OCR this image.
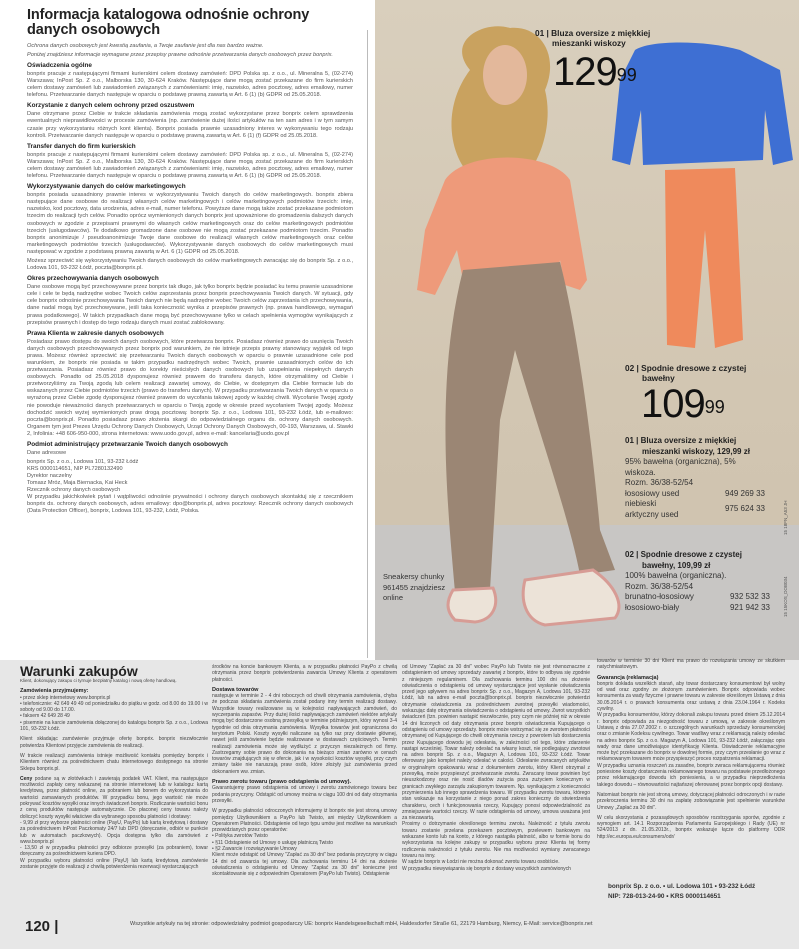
Informacja katalogowa odnośnie ochrony danych osobowych
Ochrona danych osobowych jest kwestią zaufania, a Twoje zaufanie jest dla nas bardzo ważne.
Poniżej znajdziesz informacje wymagane przez przepisy prawne odnośnie przetwarzania danych osobowych przez bonprix.
Oświadczenia ogólne

bonprix pracuje z następującymi firmami kurierskimi celem dostawy zamówień: DPD Polska sp. z o.o., ul. Mineralna 5, (02-274) Warszawa; InPost Sp. Z o.o., Malborska 130, 30-624 Kraków. Następujące dane mogą zostać przekazane do firm kurierskich celem dostawy zamówień lub zawiadomień związanych z zamówieniami: imię, nazwisko, adres pocztowy, adres emailowy, numer telefonu. Przetwarzanie danych następuje w oparciu o podstawę prawną zawartą w Art. 6 (1) (b) GDPR od 25.05.2018.

Korzystanie z danych celem ochrony przed oszustwem

Dane otrzymane przez Ciebie w trakcie składania zamówienia mogą zostać wykorzystane przez bonprix celem sprawdzenia ewentualnych nieprawidłowości w procesie zamówienia (np. zamówienie dużej ilości artykułów na ten sam adres i w tym samym czasie przy wykorzystaniu różnych kont klienta). Bonprix posiada prawnie uzasadniony interes w wykonywaniu tego rodzaju kontroli. Przetwarzanie danych następuje w oparciu o podstawę prawną zawartą w Art. 6 (1) (f) GDPR od 25.05.2018.

Transfer danych do firm kurierskich

bonprix pracuje z następującymi firmami kurierskimi celem dostawy zamówień: DPD Polska sp. z o.o., ul. Mineralna 5, (02-274) Warszawa; InPost Sp. Z o.o., Malborska 130, 30-624 Kraków. Następujące dane mogą zostać przekazane do firm kurierskich celem dostawy zamówień lub zawiadomień związanych z zamówieniami: imię, nazwisko, adres pocztowy, adres emailowy, numer telefonu. Przetwarzanie danych następuje w oparciu o podstawę prawną zawartą w Art. 6 (1) (b) GDPR od 25.05.2018.

Wykorzystywanie danych do celów marketingowych

bonprix posiada uzasadniony prawnie interes w wykorzystywaniu Twoich danych do celów marketingowych. bonprix zbiera następujące dane osobowe do realizacji własnych celów marketingowych i celów marketingowych podmiotów trzecich: imię, nazwisko, kod pocztowy, data urodzenia, adres e-mail, numer telefonu. Powyższe dane mogą także zostać przekazane podmiotom trzecim do realizacji tych celów. Ponadto oprócz wymienionych danych bonprix jest upoważnione do gromadzenia dalszych danych osobowych w zgodzie z przepisami prawnymi do własnych celów marketingowych oraz do celów marketingowych podmiotów trzecich (usługodawców). Te dodatkowo gromadzone dane osobowe nie mogą zostać przekazane podmiotom trzecim. Ponadto bonprix anonimizuje / pseudoanonimizuje Twoje dane osobowe do realizacji własnych celów marketingowych oraz celów marketingowych podmiotów trzecich (usługodawców). Wykorzystywanie danych osobowych do celów marketingowych musi następować w zgodzie z podstawą prawną zawartą w Art. 6 (1) GDPR od 25.05.2018.

Możesz sprzeciwić się wykorzystywaniu Twoich danych osobowych do celów marketingowych zwracając się do bonprix Sp. z o.o., Lodowa 101, 93-232 Łódź, poczta@bonprix.pl.

Okres przechowywania danych osobowych

Dane osobowe mogą być przechowywane przez bonprix tak długo, jak tylko bonprix będzie posiadać ku temu prawnie uzasadnione cele i cele te będą nadrzędne wobec Twoich celów zaprzestania przez bonprix przechowywania Twoich danych. W sytuacji, gdy cele bonprix odnośnie przechowywania Twoich danych nie będą nadrzędne wobec Twoich celów zaprzestania ich przechowywania, dane nadal mogą być przechowywane, jeśli taka konieczność wynika z przepisów prawnych (np. prawa handlowego, wymagań prawa podatkowego). W takich przypadkach dane mogą być przechowywane tylko w celach spełnienia wymogów wynikających z przepisów prawnych i dostęp do tego rodzaju danych musi zostać zablokowany.

Prawa Klienta w zakresie danych osobowych

Posiadasz prawo dostępu do swoich danych osobowych, które przetwarza bonprix. Posiadasz również prawo do usunięcia Twoich danych osobowych przechowywanych przez bonprix pod warunkiem, że nie istnieje przepis prawny stanowiący wyjątek od tego prawa. Możesz również sprzeciwić się przetwarzaniu Twoich danych osobowych w oparciu o prawnie uzasadnione cele pod warunkiem, że bonprix nie posiada w takim przypadku nadrzędnych wobec Twoich, prawnie uzasadnionych celów do ich przetwarzania. Posiadasz również prawo do korekty nieścisłych danych osobowych lub uzupełniania niepełnych danych osobowych. Ponadto od 25.05.2018 dysponujesz również prawem do transferu danych, które otrzymaliśmy od Ciebie i przetworzyliśmy za Twoją zgodą lub celem realizacji zawartej umowy, do Ciebie, w dostępnym dla Ciebie formacie lub do wskazanych przez Ciebie podmiotów trzecich (prawo do transferu danych). W przypadku przetwarzania Twoich danych w oparciu o wyrażoną przez Ciebie zgodę dysponujesz również prawem do wycofania takowej zgody w każdej chwili. Wycofanie Twojej zgody nie powoduje nieważności danych przetwarzanych w oparciu o Twoją zgodę w okresie przed wycofaniem Twojej zgody. Możesz dochodzić swoich wyżej wymienionych praw drogą pocztową: bonprix Sp. z o.o., Lodowa 101, 93-232 Łódź, lub e-mailowo: poczta@bonprix.pl. Ponadto posiadasz prawo złożenia skargi do odpowiedzialnego organu ds. ochrony danych osobowych. Organem tym jest Prezes Urzędu Ochrony Danych Osobowych, Urząd Ochrony Danych Osobowych, 00-193, Warszawa, ul. Stawki 2, Infolinia: +48 606-950-000, strona internetowa: www.uodo.gov.pl, adres e-mail: kancelaria@uodo.gov.pl

Podmiot administrujący przetwarzanie Twoich danych osobowych

Dane adresowe

bonprix Sp. z o.o., Lodowa 101, 93-232 Łódź
KRS 0000114651, NIP PL7280132490
Dyrektor naczelny
Tomasz Mróz, Maja Biernacka, Kai Heck
Rzecznik ochrony danych osobowych

W przypadku jakichkolwiek pytań i wątpliwości odnośnie prywatności i ochrony danych osobowych skontaktuj się z rzecznikiem bonprix ds. ochrony danych osobowych, adres emailowy: dpo@bonprix.pl, adres pocztowy: Rzecznik ochrony danych osobowych (Data Protection Officer), bonprix, Lodowa 101, 93-232, Łódź, Polska.

01 | Bluza oversize z miękkiej
mieszanki wiskozy
$129^{99}$
02 | Spodnie dresowe z czystej
bawełny
$109^{99}$
01 | Bluza oversize z miękkiej
mieszanki wiskozy, 129,99 zł
95% bawełna (organiczna), 5% wiskoza.
Rozm. 36/38-52/54
łososiowy used	949 269 33
niebieski arktyczny used
975 624 33
02 | Spodnie dresowe z czystej
bawełny, 109,99 zł
100% bawełna (organiczna).
Rozm. 36/38-52/54
brunatno-łososiowy	932 532 33
łososiowo-biały	921 942 33
Sneakersy chunky 961455 znajdziesz online	15 15KOS_DOB034
15 18FN_A53 JH
Warunki zakupów
Klient, dokonujący zakupu ci tyrnuje bezpłatny katalog i nową ofertę handlową.

Zamówienia przyjmujemy:
• przez sklep internetowy www.bonprix.pl
• telefonicznie: 42 649 49 49 od poniedziałku do piątku w godz. od 8.00 do 19.00 i w soboty od 9.00 do 17.00.
• faksem 42 649 28 49
• pisemnie na karcie zamówienia dołączonej do katalogu bonprix Sp. z o.o., Lodowa 101, 93-232 Łódź.

Klient składając zamówienie przyjmuje ofertę bonprix. bonprix niezwłocznie potwierdza Klientowi przyjęcie zamówienia do realizacji.

W trakcie realizacji zamówienia istnieje możliwość kontaktu pomiędzy bonprix i Klientem również za pośrednictwem chatu internetowego dostępnego na stronie Sklepu bonprix.pl.

Ceny podane są w złotówkach i zawierają podatek VAT. Klient, ma następujące możliwości zapłaty ceny wskazanej na stronie internetowej lub w katalogu: kartą kredytową, przez płatność online, za pobraniem lub bonem do wykorzystania do wartości zamawianych produktów. W przypadku bonu, jego wartość nie może pokrywać kosztów wysyłki oraz innych świadczeń bonprix. Rozliczanie wartości bonu z ceną produktów następuje automatycznie. Do płaconej ceny towaru należy doliczyć koszty wysyłki właściwe dla wybranego sposobu płatności i dostawy:
- 9,99 zł przy wyborze płatności online (PayU, PayPo) lub kartą kredytową i dostawy za pośrednictwem InPost Paczkomaty 24/7 lub DPD (doręczanie, odbiór w punkcie lub w automatach paczkowych). Opcja dostępna tylko dla zamówień z www.bonprix.pl
- 13,50 zł w przypadku płatności przy odbiorze przesyłki (za pobraniem), towar doręczamy za pośrednictwem kuriera DPD.
W przypadku wyboru płatności online (PayU) lub kartą kredytową zamówienie zostanie przyjęte do realizacji z chwilą potwierdzenia rezerwacji wystarczających

środków na koncie bankowym Klienta, a w przypadku płatności PayPo z chwilą otrzymania przez bonprix potwierdzenia zawarcia Umowy Klienta z operatorem płatności.

Dostawa towarów
następuje w terminie 2 - 4 dni roboczych od chwili otrzymania zamówienia, chyba że podczas składania zamówienia został podany inny termin realizacji dostawy. Wszystkie towary realizowane są w kolejności napływających zamówień, do wyczerpania zapasów. Przy dużej ilości napływających zamówień niektóre artykuły mogą być dostarczone osobną przesyłką w terminie późniejszym, który wynosi 3-4 tygodnie od dnia otrzymania zamówienia. Wysyłka towarów jest ograniczona do terytorium Polski. Koszty wysyłki naliczane są tylko raz przy dostawie głównej, nawet jeśli zamówienie będzie realizowane w dostawach częściowych. Termin realizacji zamówienia może się wydłużyć z przyczyn niezależnych od firmy. Zastrzegamy sobie prawo do dokonania na bieżąco zmian zarówno w cenach towarów znajdujących się w ofercie, jak i w wysokości kosztów wysyłki, przy czym zmiany takie nie naruszają praw osób, które złożyły już zamówienia przed dokonaniem ww. zmian.

Prawo zwrotu towaru (prawo odstąpienia od umowy).
Gwarantujemy prawo odstąpienia od umowy i zwrotu zamówionego towaru bez podania przyczyny. Odstąpić od umowy można w ciągu 100 dni od daty otrzymania przesyłki.

W przypadku płatności odroczonych informujemy iż bonprix nie jest stroną umowy pomiędzy Użytkownikiem a PayPo lub Twisto, ani między Użytkownikiem a Operatorem Płatności. Odstąpienie od tego typu umów jest możliwe na warunkach przewidzianych przez operatorów:
• Polityka zwrotów Twisto
• §11 Odstąpienie od Umowy o usługę płatniczą Twisto
• §2 Zawarcie i rozwiązywanie Umowy
Klient może odstąpić od Umowy "Zapłać za 30 dni" bez podania przyczyny w ciągu 14 dni od zawarcia tej umowy. Dla zachowania terminu 14 dni na złożenie oświadczenia o odstąpieniu od Umowy "Zapłać za 30 dni" konieczne jest skontaktowanie się z odpowiednim Operatorem (PayPo lub Twisto). Odstąpienie

od Umowy "Zapłać za 30 dni" wobec PayPo lub Twisto nie jest równoznaczne z odstąpieniem od umowy sprzedaży zawartej z bonprix, które to odbywa się zgodnie z niniejszym regulaminem. Dla zachowania terminu 100 dni na złożenie oświadczenia o odstąpieniu od umowy wystarczające jest wysłanie oświadczenia przed jego upływem na adres bonprix Sp. z o.o., Magazyn A, Lodowa 101, 93-232 Łódź, lub na adres e-mail poczta@bonprix.pl. bonprix niezwłocznie potwierdzi otrzymanie oświadczenia za pośrednictwem zwrotnej przesyłki wiadomości, wskazując datę otrzymania oświadczenia o odstąpieniu od umowy. Zwrot wszystkich świadczeń (tzn. powinien nastąpić niezwłocznie, przy czym nie później niż w okresie 14 dni liczonych od daty otrzymania przez bonprix oświadczenia Kupującego o odstąpieniu od umowy sprzedaży. bonprix może wstrzymać się ze zwrotem płatności otrzymanej od Kupującego do chwili otrzymania rzeczy z powrotem lub dostarczenia przez Kupującego dowodu jej odesłania, w zależności od tego, które zdarzenie nastąpi wcześniej. Towar należy odesłać na własny koszt, nie podlegający zwrotowi na adres bonprix Sp. z o.o., Magazyn A, Lodowa 101, 93-232 Łódź. Towar oferowany jako komplet należy odesłać w całości. Odesłanie zwracanych artykułów w oryginalnym opakowaniu wraz z dokumentem zwrotu, który Klient otrzymał z przesyłką, może przyspieszyć przetwarzanie zwrotu. Zwracany towar powinien być nieuszkodzony oraz nie nosić śladów zużycia poza zużyciem koniecznym w granicach zwykłego zarządu zakupionym towarem. Np. wynikającym z konieczności przymierzenia lub innego sprawdzenia towaru. W przypadku zwrotu towaru, którego stan wskazuje na korzystanie z niego ponad zakres konieczny do stwierdzenia charakteru, cech i funkcjonowania rzeczy, Kupujący ponosi odpowiedzialność za zmniejszenie wartości rzeczy. W razie odstąpienia od umowy, umowa uważana jest za niezawartą.
Prosimy o dotrzymanie określonego terminu zwrotu. Należność z tytułu zwrotu towaru zostanie przelana przekazem pocztowym, przelewem bankowym na wskazane konto lub na konto, z którego nastąpiła płatność, albo w formie bonu do wykorzystania na kolejne zakupy w przypadku wyboru przez Klienta tej formy rozliczenia należności z tytułu zwrotu. Nie ma możliwości wymiany zwracanego towaru na inny.
W sądzie bonprix w Łodzi nie można dokonać zwrotu towaru osobiście.
W przypadku niewywiązania się bonprix z dostawy wszystkich zamówionych

towarów w terminie 30 dni Klient ma prawo do rozwiązania umowy ze skutkiem natychmiastowym.

Gwarancja (reklamacja)
bonprix dokłada wszelkich starań, aby towar dostarczany konsumentowi był wolny od wad oraz zgodny ze złożonym zamówieniem. Bonprix odpowiada wobec konsumenta za wady fizyczne i prawne towaru w zakresie określonym Ustawą z dnia 30.05.2014 r. o prawach konsumenta oraz ustawą z dnia 23.04.1964 r. Kodeks cywilny.
W przypadku konsumentów, którzy dokonali zakupu towaru przed dniem 25.12.2014 r. bonprix odpowiada za niezgodność towaru z umową, w zakresie określonym Ustawą z dnia 27.07.2002 r. o szczególnych warunkach sprzedaży konsumenckiej oraz o zmianie Kodeksu cywilnego. Towar wadliwy wraz z reklamacją należy odesłać na adres bonprix Sp. z o.o. Magazyn A, Lodowa 101, 93-232 Łódź, załączając opis wady oraz dane umożliwiające identyfikację Klienta. Oświadczenie reklamacyjne może być przekazane do bonprix w dowolnej formie, przy czym przesłanie go wraz z reklamowanym towarem może przyspieszyć proces rozpatrzenia reklamacji.
W przypadku uznania roszczeń za zasadne, bonprix zwraca reklamującemu również poniesione koszty dostarczenia reklamowanego towaru na podstawie przedłożonego przez reklamującego dowodu ich poniesienia, a w przypadku nieprzedłożenia takiego dowodu – równowartości najtańszej oferowanej przez bonprix opcji dostawy.

Natomiast bonprix nie jest stroną umowy, dotyczącej płatności odroczonych i w razie przekroczenia terminu 30 dni na zapłatę zobowiązanie jest spełnienie warunków Umowy „Zapłać za 30 dni".

W celu skorzystania z pozasądowych sposobów rozstrzygania sporów, zgodnie z wymogiem art. 14.1 Rozporządzenia Parlamentu Europejskiego i Rady (UE) nr 524/2013 z dn. 21.05.2013r., bonprix wskazuje łącze do platformy ODR http://ec.europa.eu/consumers/odr/

bonprix Sp. z o.o. • ul. Lodowa 101 • 93-232 Łódź
NIP: 728-013-24-90 • KRS 0000114651
120 |	Wszystkie artykuły na tej stronie: odpowiedzialny podmiot gospodarczy UE: bonprix Handelsgesellschaft mbH, Haldesdorfer Straße 61, 22179 Hamburg, Niemcy, E-Mail: service@bonprix.net
